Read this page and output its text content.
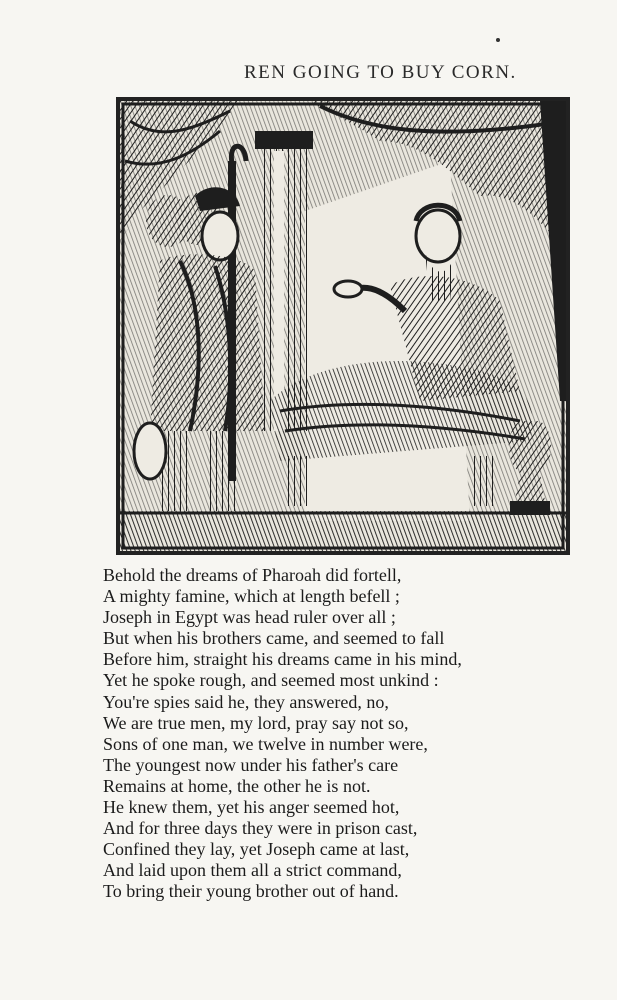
REN GOING TO BUY CORN.
Behold the dreams of Pharoah did fortell,
A mighty famine, which at length befell ;
Joseph in Egypt was head ruler over all ;
But when his brothers came, and seemed to fall
Before him, straight his dreams came in his mind,
Yet he spoke rough, and seemed most unkind :
You're spies said he, they answered, no,
We are true men, my lord, pray say not so,
Sons of one man, we twelve in number were,
The youngest now under his father's care
Remains at home, the other he is not.
He knew them, yet his anger seemed hot,
And for three days they were in prison cast,
Confined they lay, yet Joseph came at last,
And laid upon them all a strict command,
To bring their young brother out of hand.
